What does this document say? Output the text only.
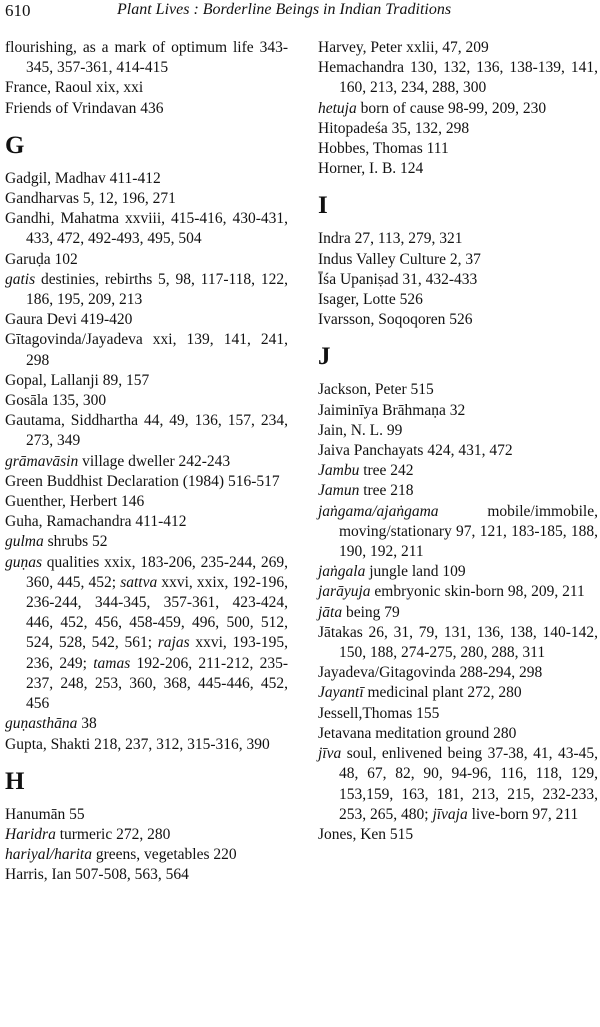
610	Plant Lives : Borderline Beings in Indian Traditions
flourishing, as a mark of optimum life 343-345, 357-361, 414-415
France, Raoul xix, xxi
Friends of Vrindavan 436
G
Gadgil, Madhav 411-412
Gandharvas 5, 12, 196, 271
Gandhi, Mahatma xxviii, 415-416, 430-431, 433, 472, 492-493, 495, 504
Garuḍa 102
gatis destinies, rebirths 5, 98, 117-118, 122, 186, 195, 209, 213
Gaura Devi 419-420
Gītagovinda/Jayadeva xxi, 139, 141, 241, 298
Gopal, Lallanji 89, 157
Gosāla 135, 300
Gautama, Siddhartha 44, 49, 136, 157, 234, 273, 349
grāmavāsin village dweller 242-243
Green Buddhist Declaration (1984) 516-517
Guenther, Herbert 146
Guha, Ramachandra 411-412
gulma shrubs 52
guṇas qualities xxix, 183-206, 235-244, 269, 360, 445, 452; sattva xxvi, xxix, 192-196, 236-244, 344-345, 357-361, 423-424, 446, 452, 456, 458-459, 496, 500, 512, 524, 528, 542, 561; rajas xxvi, 193-195, 236, 249; tamas 192-206, 211-212, 235-237, 248, 253, 360, 368, 445-446, 452, 456
guṇasthāna 38
Gupta, Shakti 218, 237, 312, 315-316, 390
H
Hanumān 55
Haridra turmeric 272, 280
hariyal/harita greens, vegetables 220
Harris, Ian 507-508, 563, 564
Harvey, Peter xxlii, 47, 209
Hemachandra 130, 132, 136, 138-139, 141, 160, 213, 234, 288, 300
hetuja born of cause 98-99, 209, 230
Hitopadeśa 35, 132, 298
Hobbes, Thomas 111
Horner, I. B. 124
I
Indra 27, 113, 279, 321
Indus Valley Culture 2, 37
Īśa Upaniṣad 31, 432-433
Isager, Lotte 526
Ivarsson, Soqoqoren 526
J
Jackson, Peter 515
Jaiminīya Brāhmaṇa 32
Jain, N. L. 99
Jaiva Panchayats 424, 431, 472
Jambu tree 242
Jamun tree 218
jaṅgama/ajaṅgama mobile/immobile, moving/stationary 97, 121, 183-185, 188, 190, 192, 211
jaṅgala jungle land 109
jarāyuja embryonic skin-born 98, 209, 211
jāta being 79
Jātakas 26, 31, 79, 131, 136, 138, 140-142, 150, 188, 274-275, 280, 288, 311
Jayadeva/Gitagovinda 288-294, 298
Jayantī medicinal plant 272, 280
Jessell,Thomas 155
Jetavana meditation ground 280
jīva soul, enlivened being 37-38, 41, 43-45, 48, 67, 82, 90, 94-96, 116, 118, 129, 153,159, 163, 181, 213, 215, 232-233, 253, 265, 480; jīvaja live-born 97, 211
Jones, Ken 515
